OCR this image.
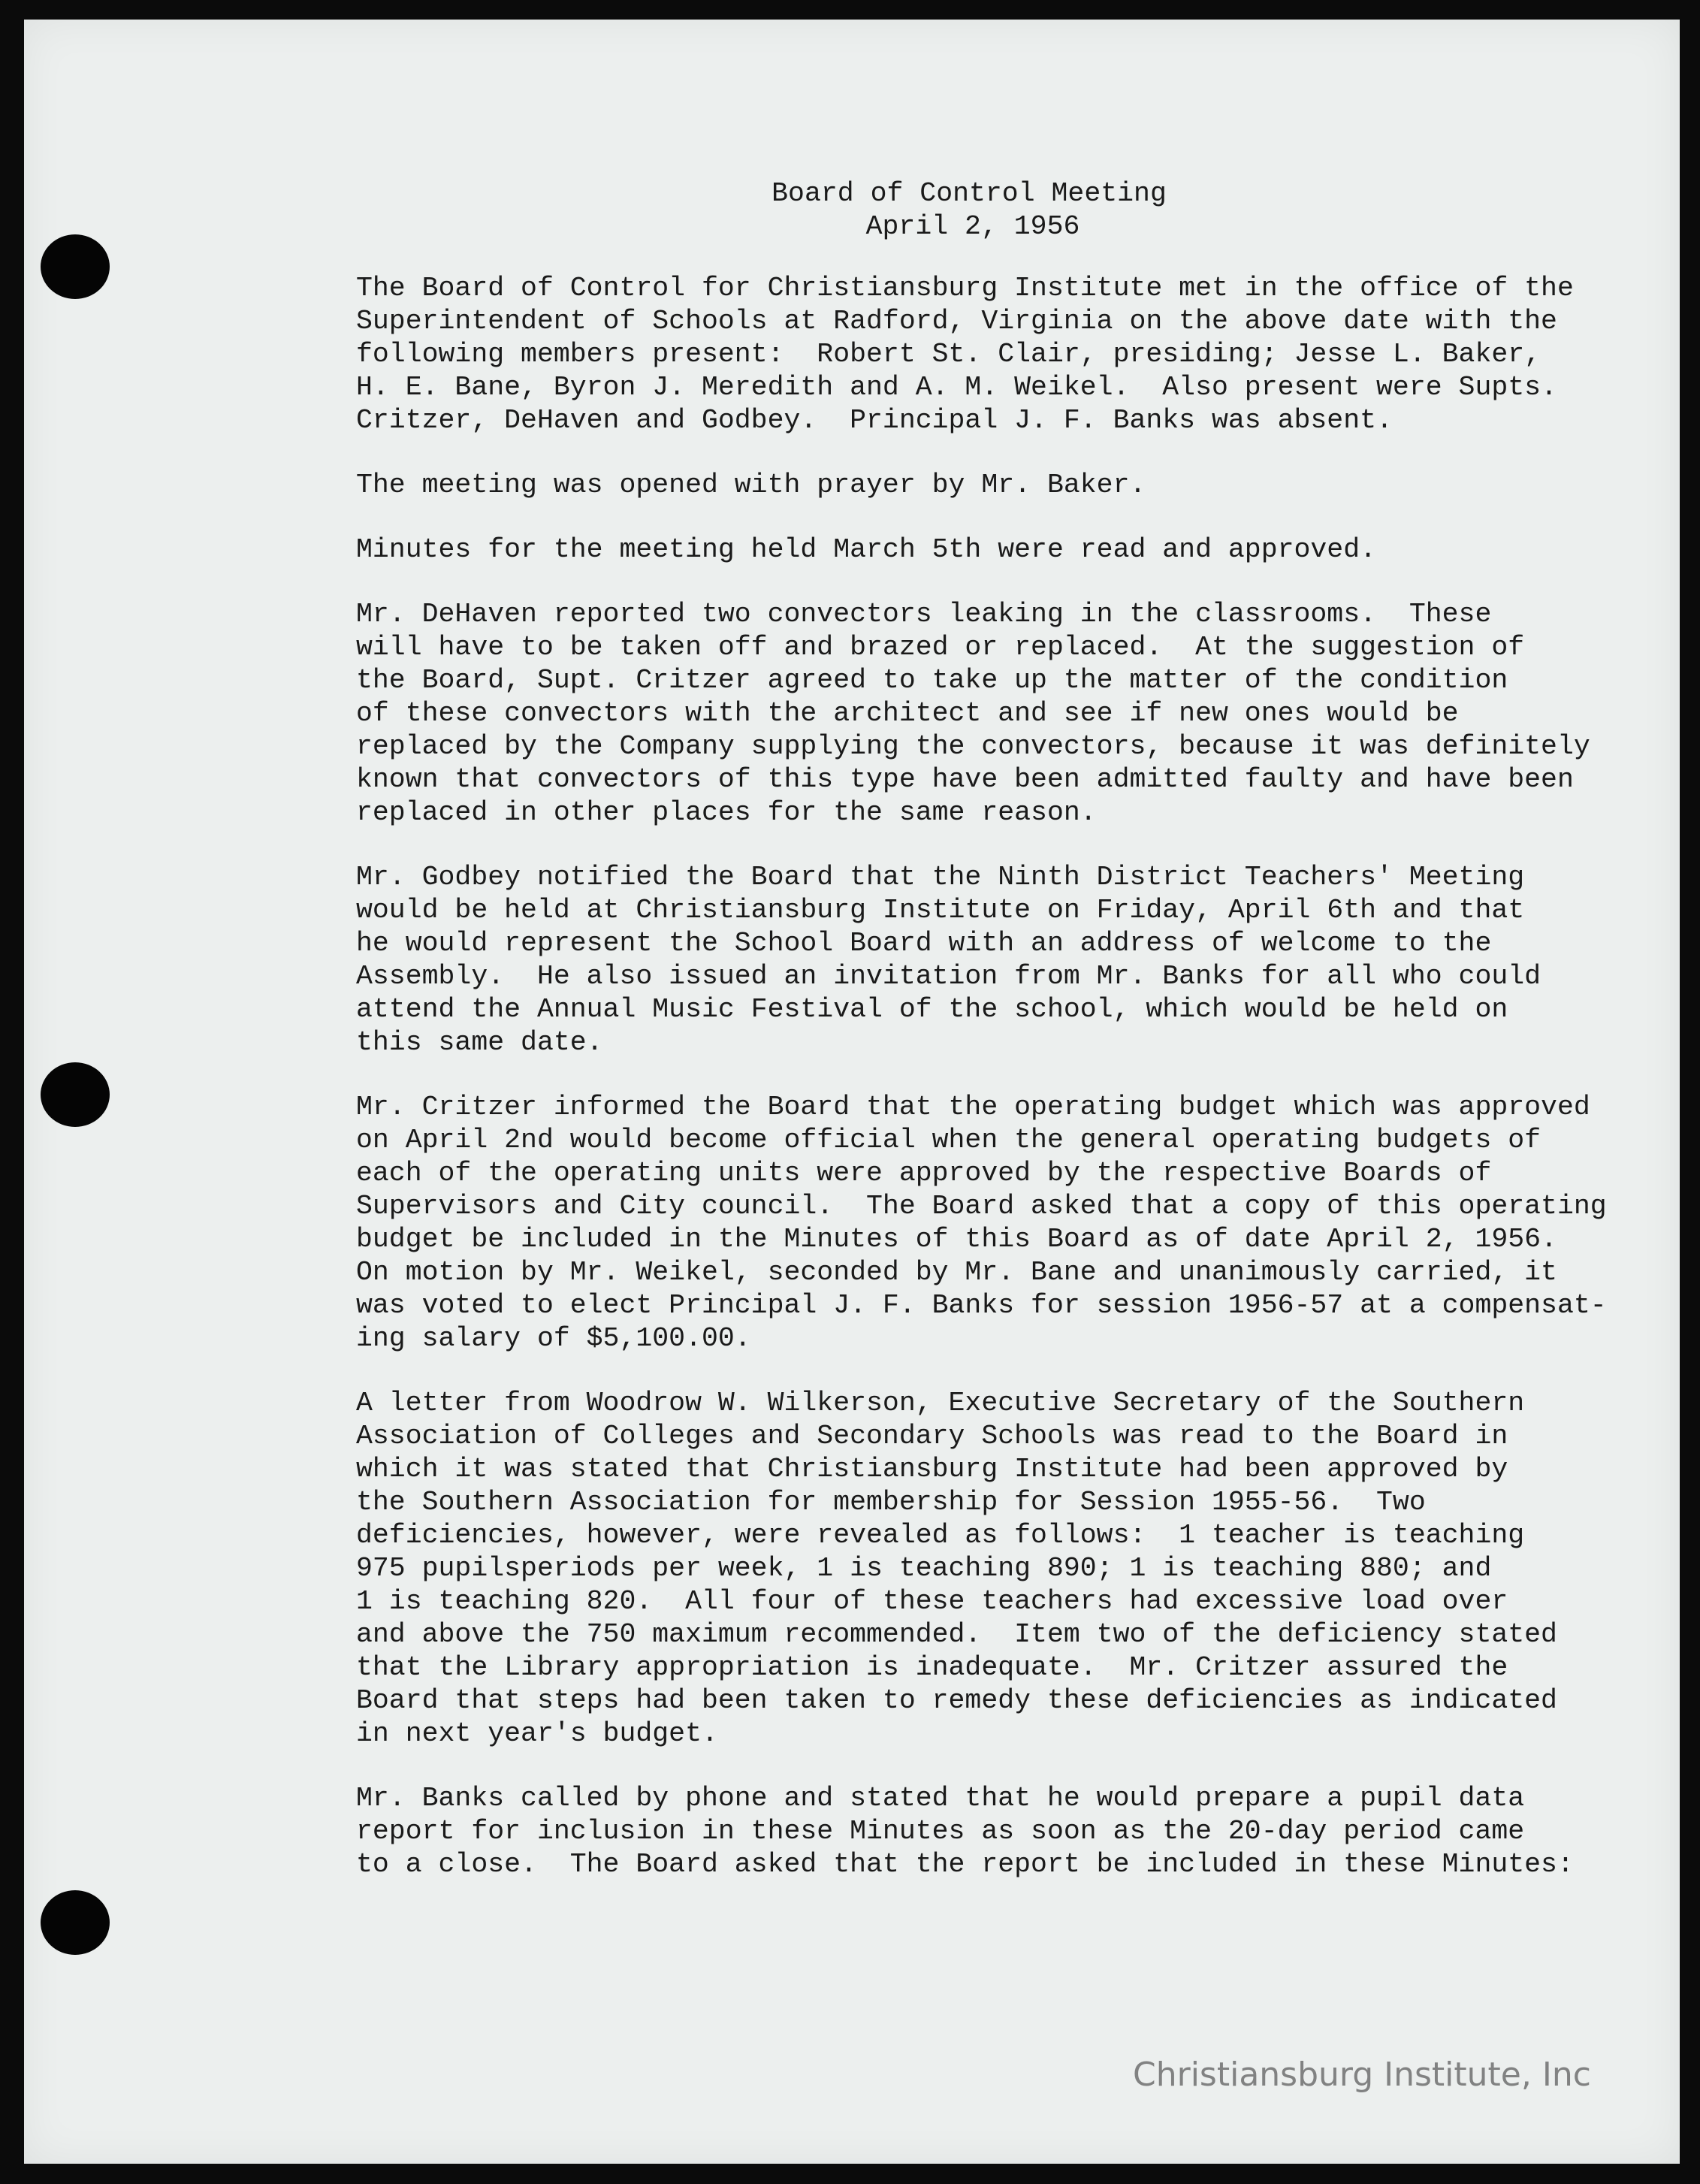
Board of Control Meeting
April 2, 1956
The Board of Control for Christiansburg Institute met in the office of the
Superintendent of Schools at Radford, Virginia on the above date with the
following members present:  Robert St. Clair, presiding; Jesse L. Baker,
H. E. Bane, Byron J. Meredith and A. M. Weikel.  Also present were Supts.
Critzer, DeHaven and Godbey.  Principal J. F. Banks was absent.
The meeting was opened with prayer by Mr. Baker.
Minutes for the meeting held March 5th were read and approved.
Mr. DeHaven reported two convectors leaking in the classrooms.  These
will have to be taken off and brazed or replaced.  At the suggestion of
the Board, Supt. Critzer agreed to take up the matter of the condition
of these convectors with the architect and see if new ones would be
replaced by the Company supplying the convectors, because it was definitely
known that convectors of this type have been admitted faulty and have been
replaced in other places for the same reason.
Mr. Godbey notified the Board that the Ninth District Teachers' Meeting
would be held at Christiansburg Institute on Friday, April 6th and that
he would represent the School Board with an address of welcome to the
Assembly.  He also issued an invitation from Mr. Banks for all who could
attend the Annual Music Festival of the school, which would be held on
this same date.
Mr. Critzer informed the Board that the operating budget which was approved
on April 2nd would become official when the general operating budgets of
each of the operating units were approved by the respective Boards of
Supervisors and City council.  The Board asked that a copy of this operating
budget be included in the Minutes of this Board as of date April 2, 1956.
On motion by Mr. Weikel, seconded by Mr. Bane and unanimously carried, it
was voted to elect Principal J. F. Banks for session 1956-57 at a compensat-
ing salary of $5,100.00.
A letter from Woodrow W. Wilkerson, Executive Secretary of the Southern
Association of Colleges and Secondary Schools was read to the Board in
which it was stated that Christiansburg Institute had been approved by
the Southern Association for membership for Session 1955-56.  Two
deficiencies, however, were revealed as follows:  1 teacher is teaching
975 pupilsperiods per week, 1 is teaching 890; 1 is teaching 880; and
1 is teaching 820.  All four of these teachers had excessive load over
and above the 750 maximum recommended.  Item two of the deficiency stated
that the Library appropriation is inadequate.  Mr. Critzer assured the
Board that steps had been taken to remedy these deficiencies as indicated
in next year's budget.
Mr. Banks called by phone and stated that he would prepare a pupil data
report for inclusion in these Minutes as soon as the 20-day period came
to a close.  The Board asked that the report be included in these Minutes:
Christiansburg Institute, Inc
